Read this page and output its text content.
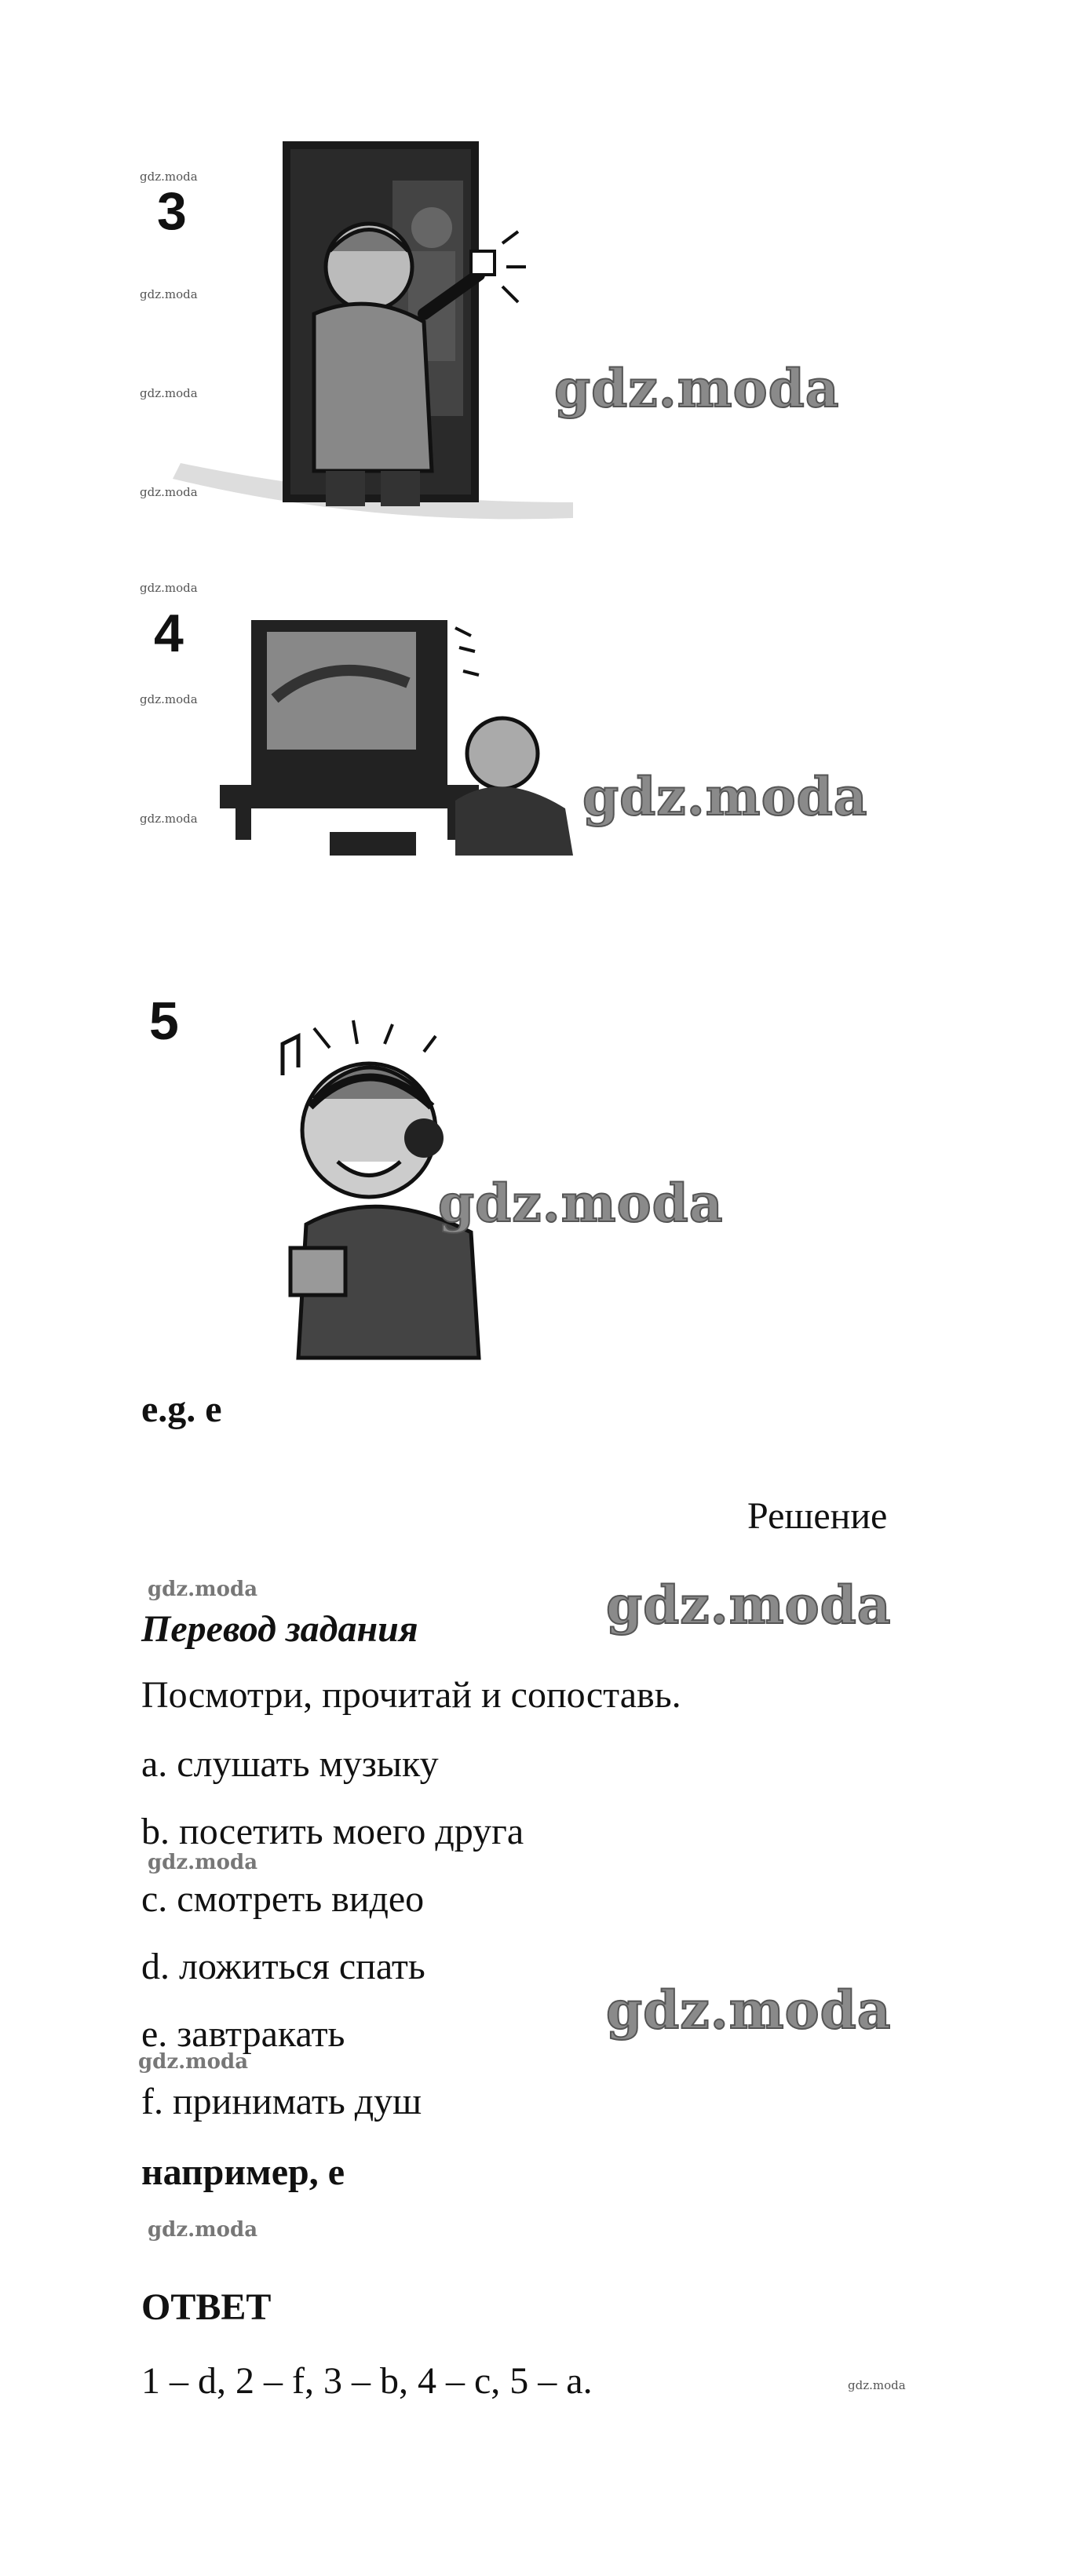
3
gdz.moda
gdz.moda
gdz.moda
gdz.moda
gdz.moda
4
gdz.moda
gdz.moda
gdz.moda	gdz.moda
5
gdz.moda
e.g. e
Решение
gdz.moda	gdz.moda
Перевод задания
Посмотри, прочитай и сопоставь.
a. слушать музыку
b. посетить моего друга
gdz.moda
c. смотреть видео
d. ложиться спать
gdz.moda
e. завтракать
gdz.moda
f. принимать душ
например, е
gdz.moda
ОТВЕТ
1 – d, 2 – f, 3 – b, 4 – c, 5 – a.	gdz.moda
